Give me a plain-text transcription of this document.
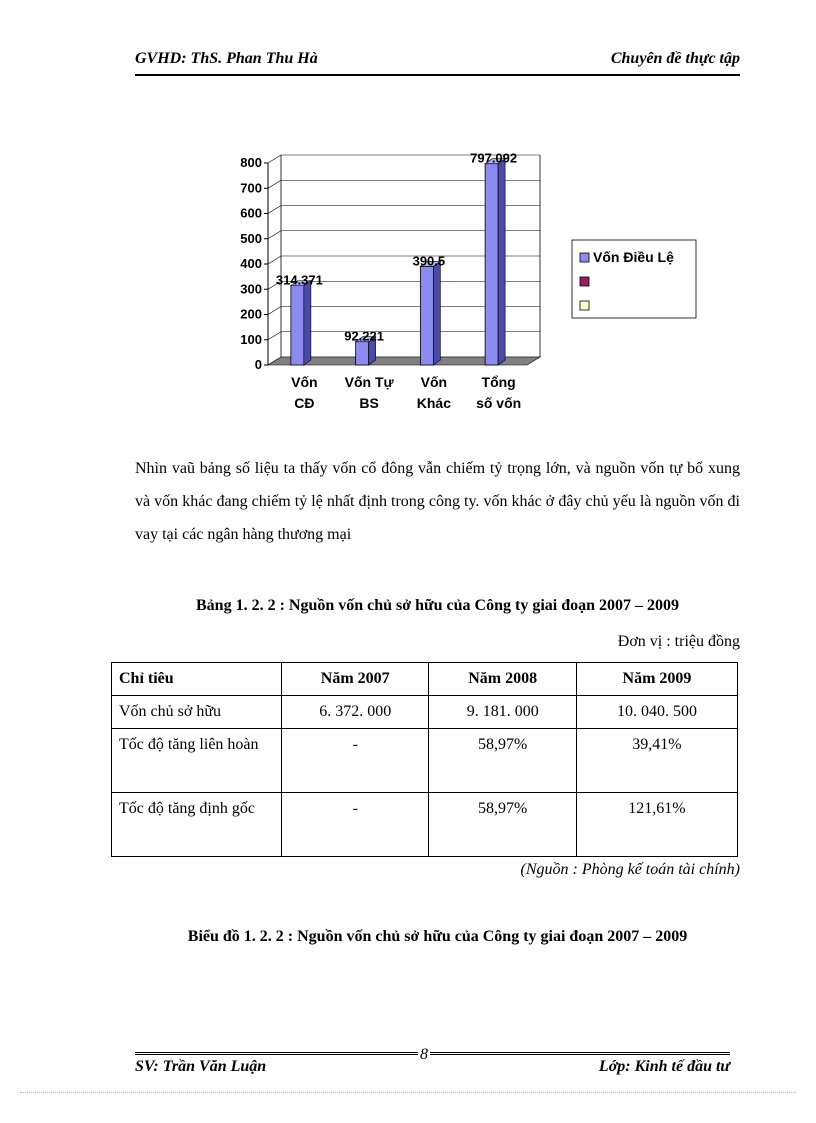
GVHD: ThS. Phan Thu Hà	Chuyên đề thực tập
0
100
200
300
400
500
600
700
800
314.371
Vốn
CĐ
92.221
Vốn Tự
BS
390.5
Vốn
Khác
797.092
Tổng
số vốn
Vốn Điều Lệ

Nhìn vaũ bảng số liệu ta thấy vốn cổ đông vẫn chiếm tỷ trọng lớn, và nguồn vốn tự bổ xung và vốn khác đang chiếm tỷ lệ nhất định trong công ty. vốn khác ở đây chủ yếu là nguồn vốn đi vay tại các ngân hàng thương mại

Bảng 1. 2. 2 : Nguồn vốn chủ sở hữu của Công ty giai đoạn 2007 – 2009
Đơn vị : triệu đồng
Chỉ tiêu	Năm 2007	Năm 2008	Năm 2009
Vốn chủ sở hữu	6. 372. 000	9. 181. 000	10. 040. 500
Tốc độ tăng liên hoàn	-	58,97%	39,41%
Tốc độ tăng định gốc	-	58,97%	121,61%
(Nguồn : Phòng kế toán tài chính)
Biểu đồ 1. 2. 2 : Nguồn vốn chủ sở hữu của Công ty giai đoạn 2007 – 2009
SV: Trần Văn Luận	Lớp: Kinh tế đầu tư
8
